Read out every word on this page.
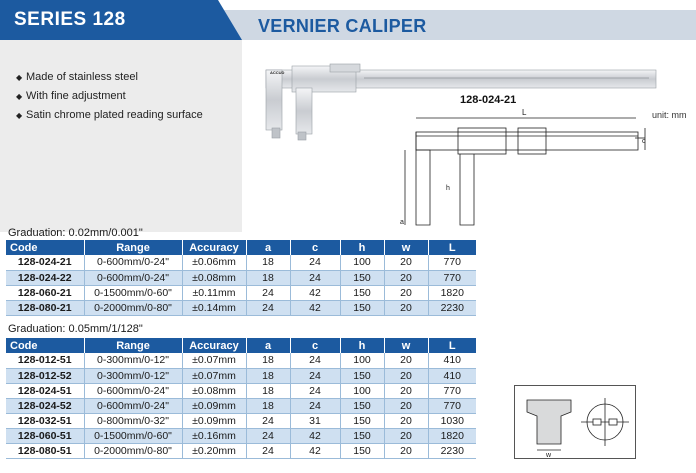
SERIES 128	VERNIER CALIPER
◆ Made of stainless steel
◆ With fine adjustment
◆ Satin chrome plated reading surface
ACCUD
L
c
h
a
128-024-21
unit: mm
Graduation: 0.02mm/0.001"
Code	Range	Accuracy	a	c	h	w	L
128-024-21	0-600mm/0-24"	±0.06mm	18	24	100	20	770
128-024-22	0-600mm/0-24"	±0.08mm	18	24	150	20	770
128-060-21	0-1500mm/0-60"	±0.11mm	24	42	150	20	1820
128-080-21	0-2000mm/0-80"	±0.14mm	24	42	150	20	2230
Graduation: 0.05mm/1/128"
Code	Range	Accuracy	a	c	h	w	L
128-012-51	0-300mm/0-12"	±0.07mm	18	24	100	20	410
128-012-52	0-300mm/0-12"	±0.07mm	18	24	150	20	410
128-024-51	0-600mm/0-24"	±0.08mm	18	24	100	20	770
128-024-52	0-600mm/0-24"	±0.09mm	18	24	150	20	770
128-032-51	0-800mm/0-32"	±0.09mm	24	31	150	20	1030
128-060-51	0-1500mm/0-60"	±0.16mm	24	42	150	20	1820
128-080-51	0-2000mm/0-80"	±0.20mm	24	42	150	20	2230	w
